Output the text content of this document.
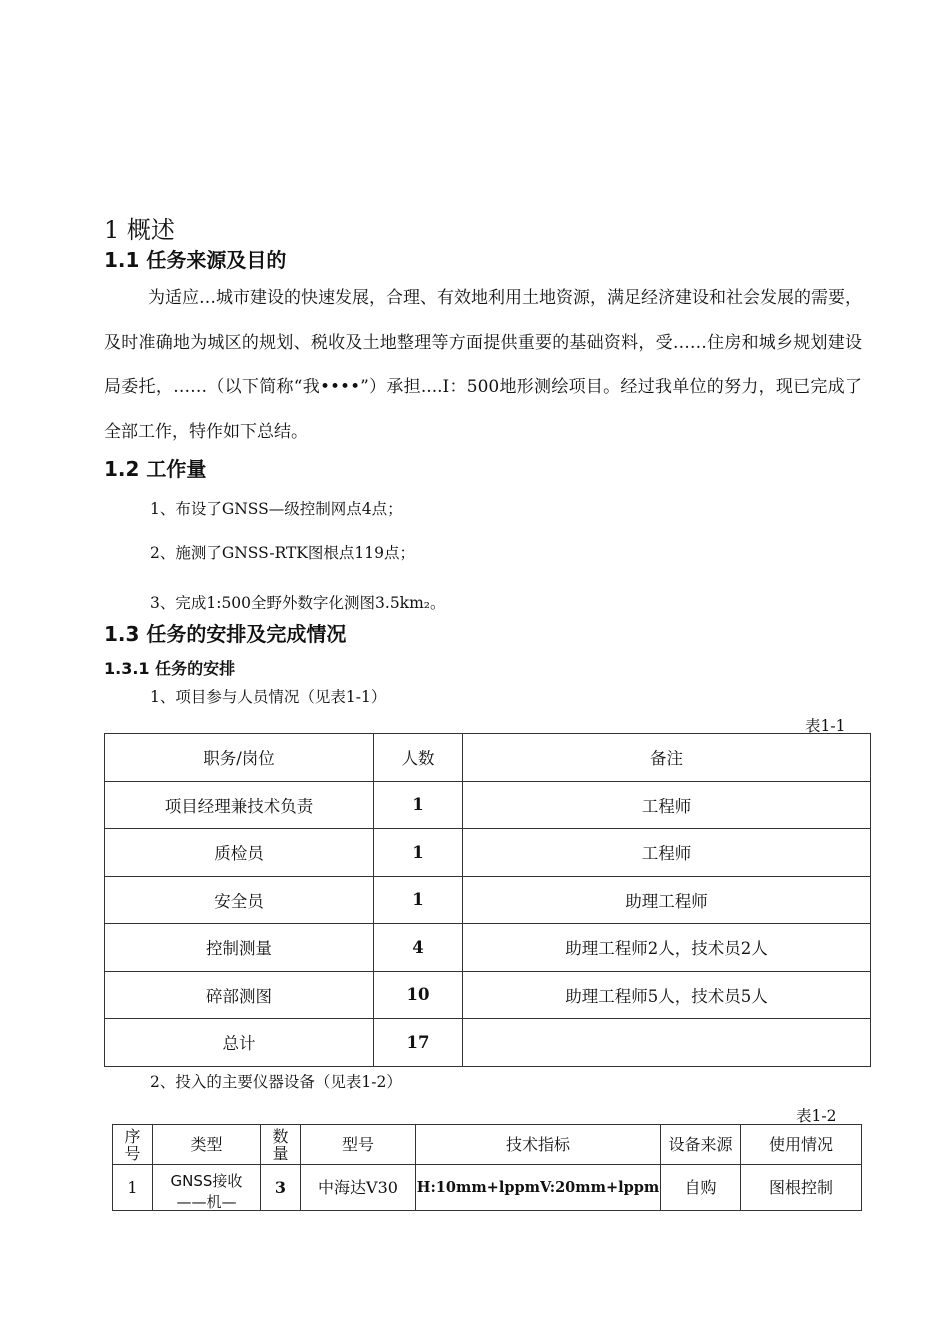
1 概述
1.1 任务来源及目的
为适应…城市建设的快速发展，合理、有效地利用土地资源，满足经济建设和社会发展的需要，及时准确地为城区的规划、税收及土地整理等方面提供重要的基础资料，受……住房和城乡规划建设局委托，……（以下简称“我••••”）承担....I：500地形测绘项目。经过我单位的努力，现已完成了全部工作，特作如下总结。
1.2 工作量
1、布设了GNSS—级控制网点4点；
2、施测了GNSS-RTK图根点119点；
3、完成1:500全野外数字化测图3.5km₂。
1.3 任务的安排及完成情况
1.3.1 任务的安排
1、项目参与人员情况（见表1-1）
表1-1
职务/岗位	人数	备注
项目经理兼技术负责	1	工程师
质检员	1	工程师
安全员	1	助理工程师
控制测量	4	助理工程师2人，技术员2人
碎部测图	10	助理工程师5人，技术员5人
总计	17	
2、投入的主要仪器设备（见表1-2）
表1-2
序号	类型	数量	型号	技术指标	设备来源	使用情况
1	GNSS接收——机—	3	中海达V30	H:10mm+lppmV:20mm+lppm	自购	图根控制
